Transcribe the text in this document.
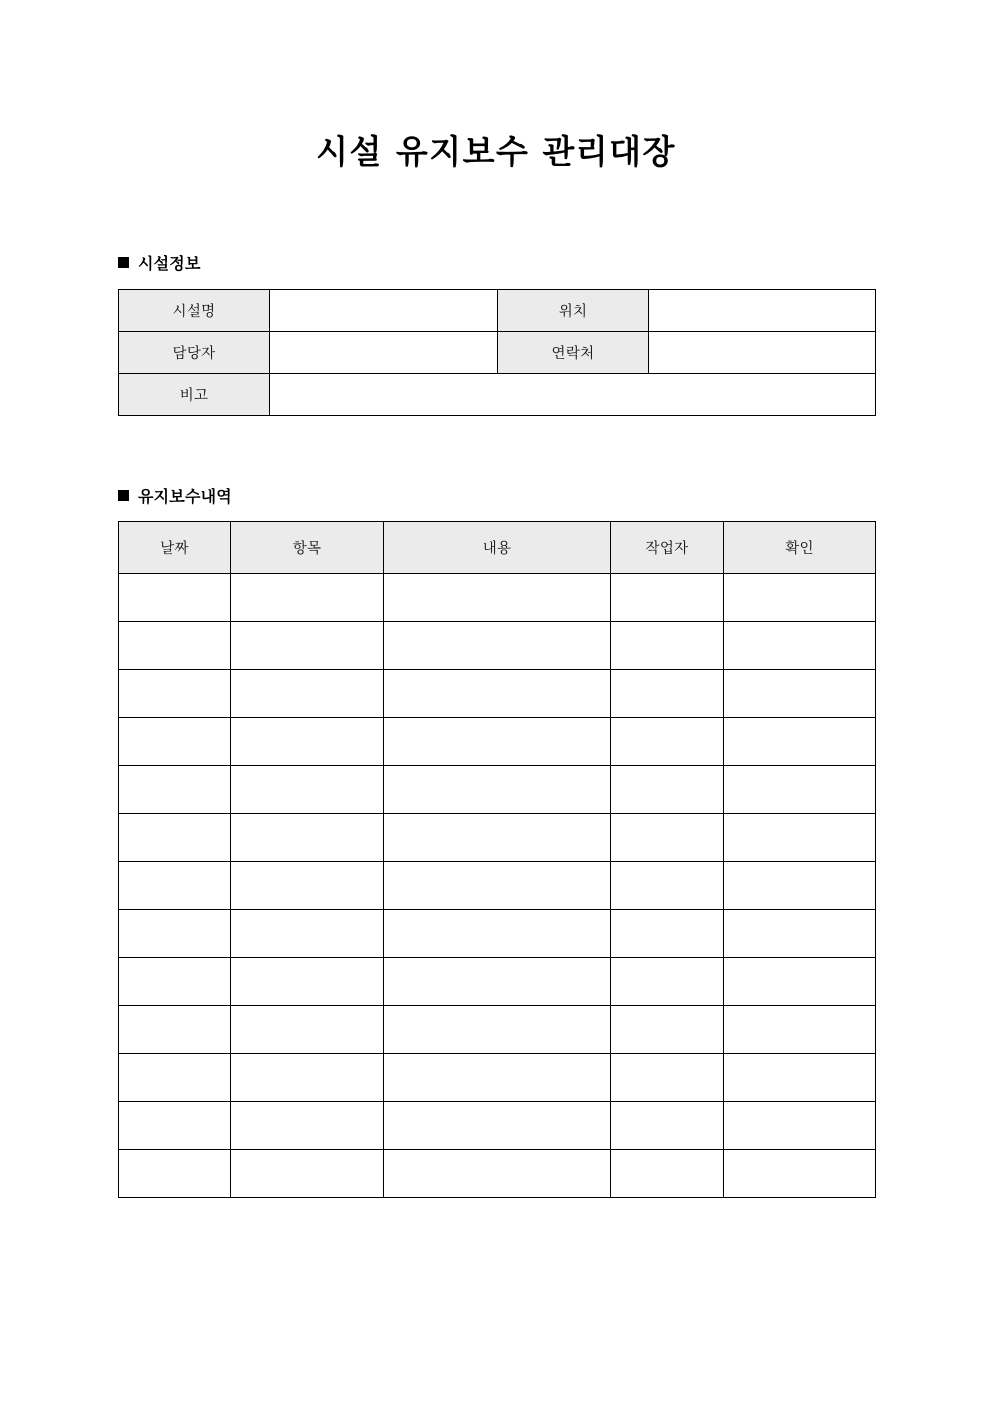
시설 유지보수 관리대장
시설정보
시설명		위치	
담당자		연락처	
비고			
유지보수내역
날짜	항목	내용	작업자	확인
